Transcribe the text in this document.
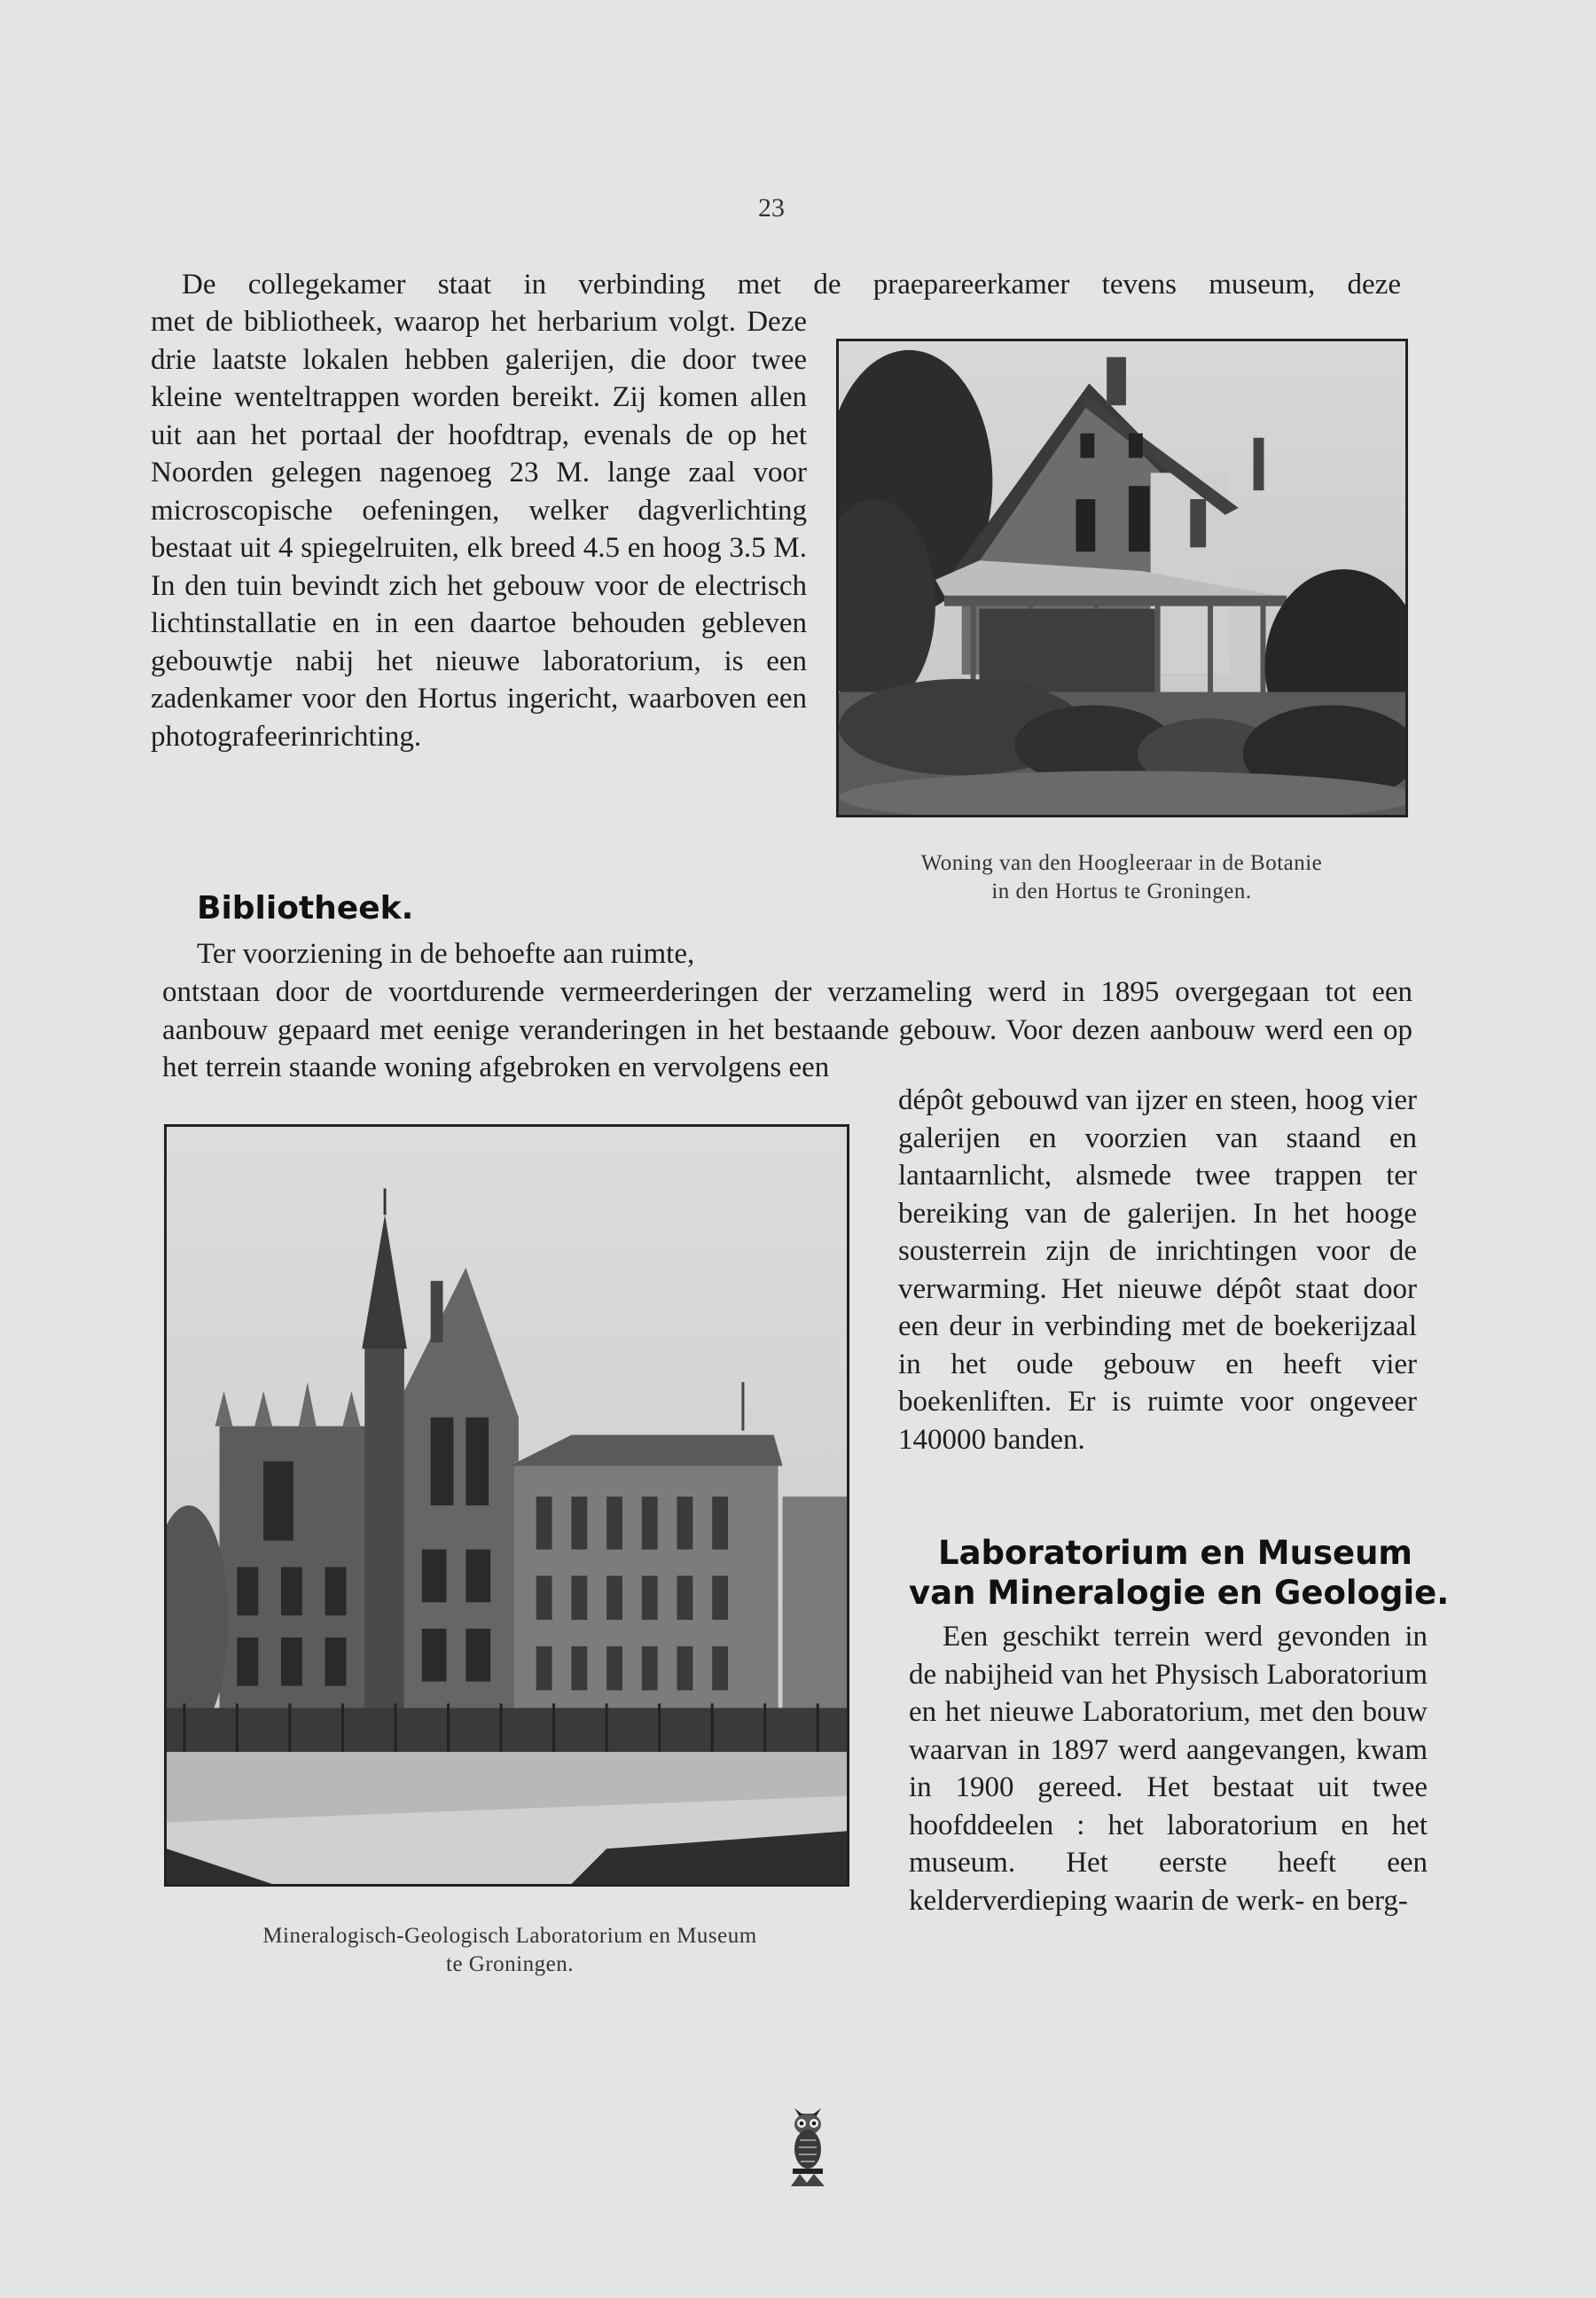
23

De collegekamer staat in verbinding met de praepareerkamer tevens museum, deze

met de bibliotheek, waarop het herbarium volgt. Deze drie laatste lokalen hebben galerijen, die door twee kleine wenteltrappen worden bereikt. Zij komen allen uit aan het portaal der hoofdtrap, evenals de op het Noorden gelegen nagenoeg 23 M. lange zaal voor microscopische oefeningen, welker dagverlichting bestaat uit 4 spiegelruiten, elk breed 4.5 en hoog 3.5 M. In den tuin bevindt zich het gebouw voor de electrisch lichtinstallatie en in een daartoe behouden gebleven gebouwtje nabij het nieuwe laboratorium, is een zadenkamer voor den Hortus ingericht, waarboven een photografeerinrichting.

Woning van den Hoogleeraar in de Botanie

in den Hortus te Groningen.

Bibliotheek.

Ter voorziening in de behoefte aan ruimte,

ontstaan door de voortdurende vermeerderingen der verzameling werd in 1895 overgegaan tot een aanbouw gepaard met eenige veranderingen in het bestaande gebouw. Voor dezen aanbouw werd een op het terrein staande woning afgebroken en vervolgens een

Mineralogisch-Geologisch Laboratorium en Museum

te Groningen.

dépôt gebouwd van ijzer en steen, hoog vier galerijen en voorzien van staand en lantaarnlicht, alsmede twee trappen ter bereiking van de galerijen. In het hooge sousterrein zijn de inrichtingen voor de verwarming. Het nieuwe dépôt staat door een deur in verbinding met de boekerijzaal in het oude gebouw en heeft vier boekenliften. Er is ruimte voor ongeveer 140000 banden.

Laboratorium en Museum
van Mineralogie en Geologie.

Een geschikt terrein werd gevonden in de nabijheid van het Physisch Laboratorium en het nieuwe Laboratorium, met den bouw waarvan in 1897 werd aangevangen, kwam in 1900 gereed. Het bestaat uit twee hoofddeelen : het laboratorium en het museum. Het eerste heeft een kelderverdieping waarin de werk- en berg-
